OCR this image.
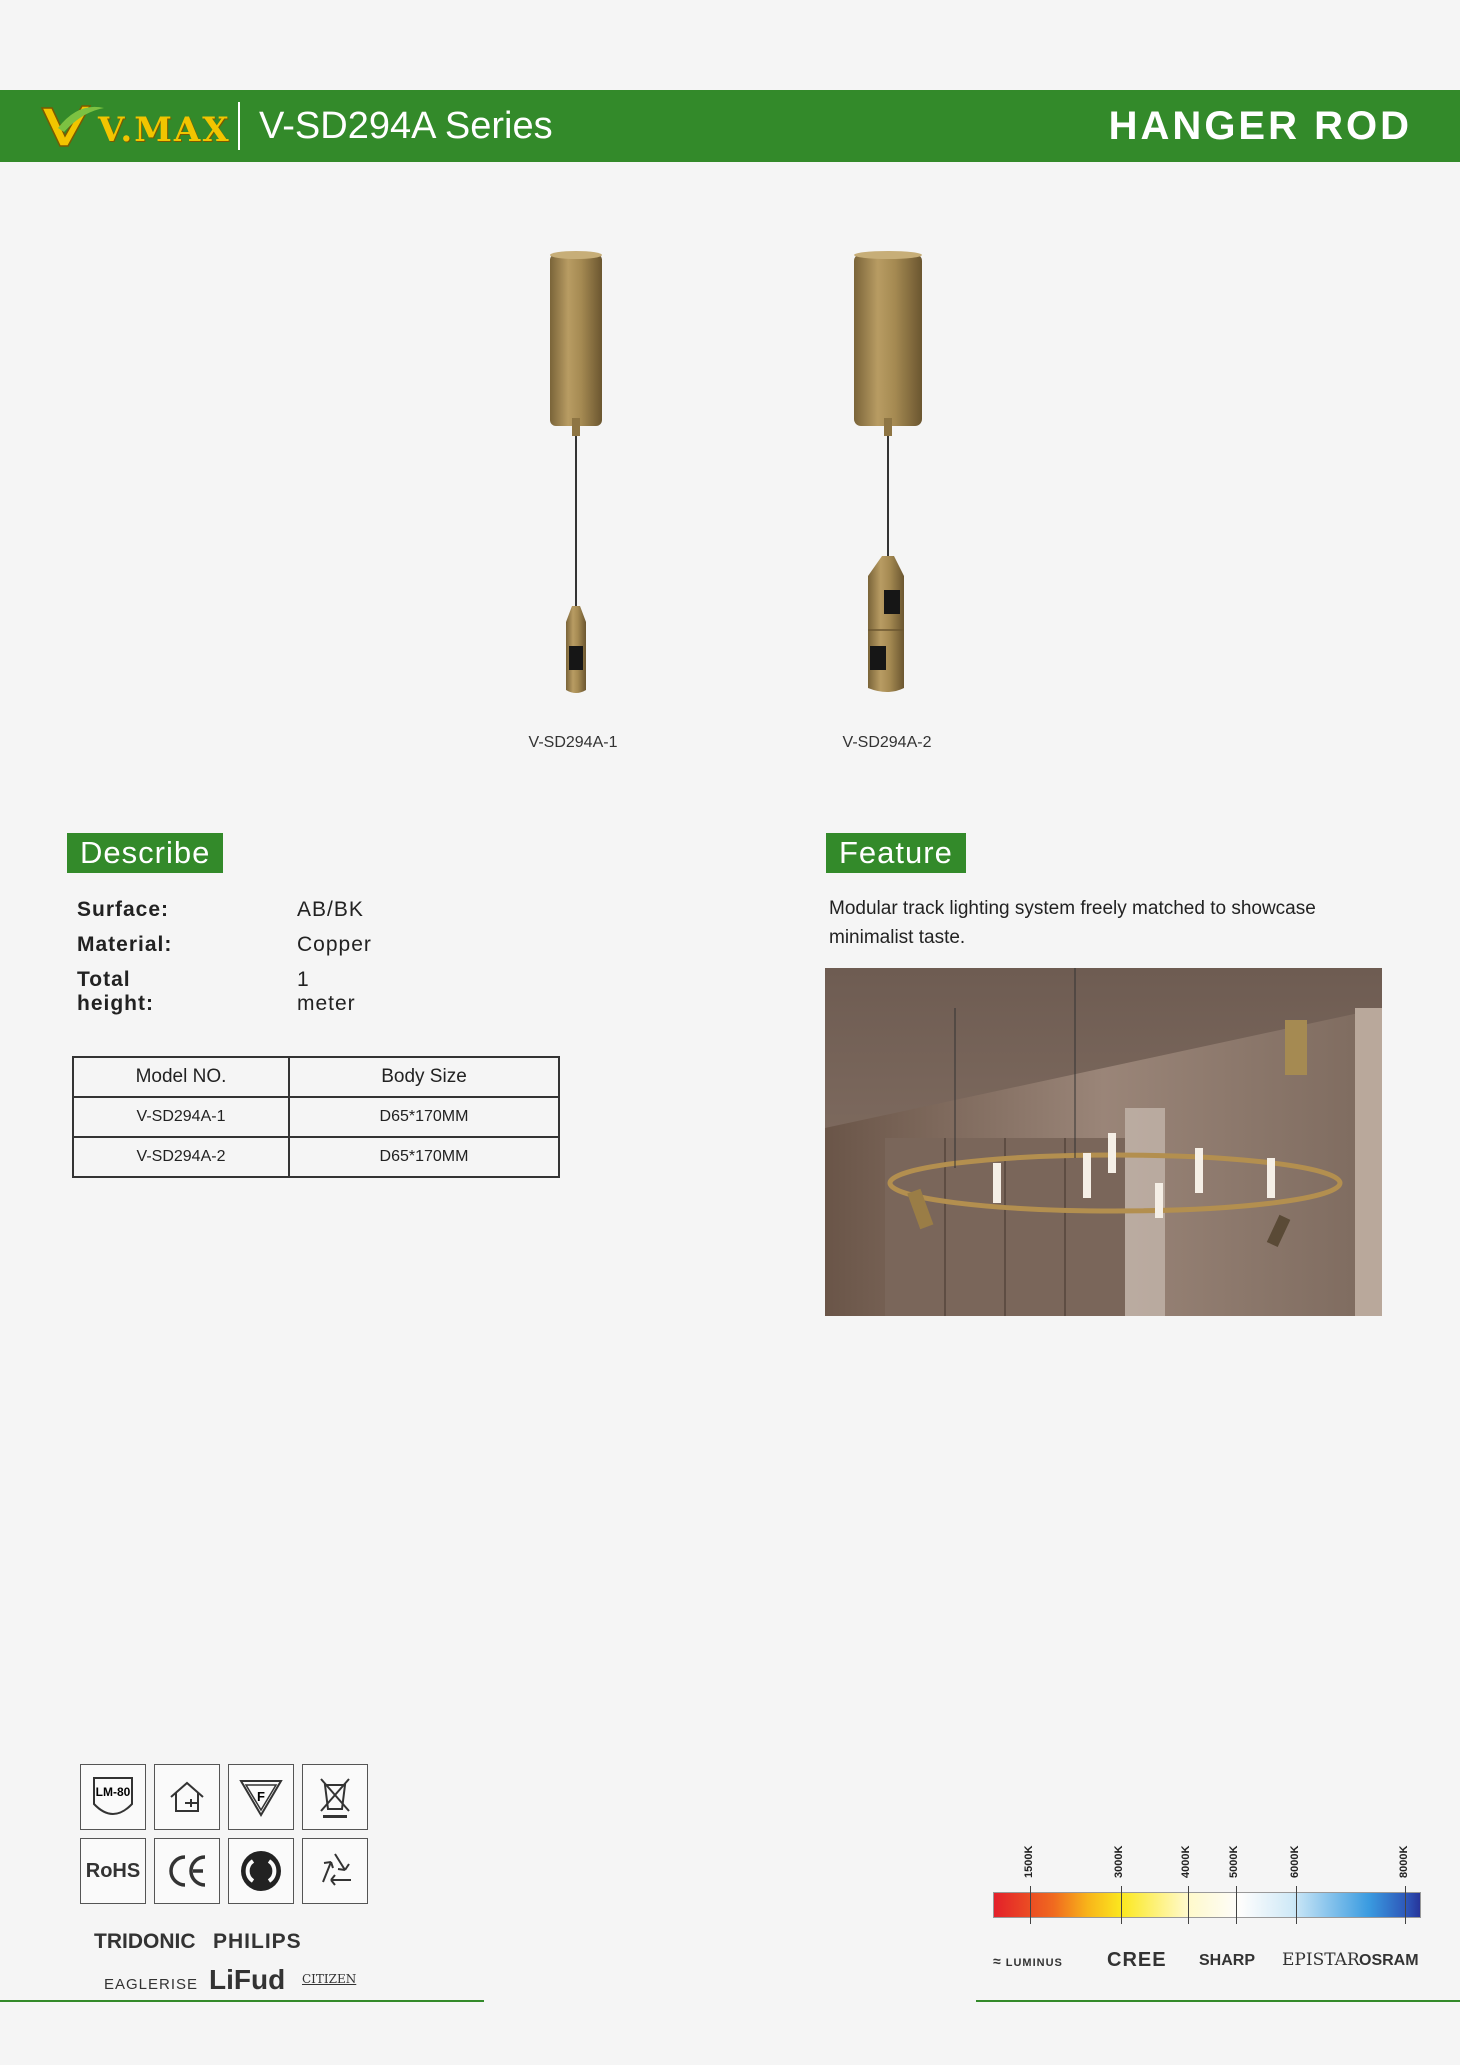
V.MAX V-SD294A Series	HANGER ROD
V-SD294A-1	V-SD294A-2
Describe
Surface:	AB/BK
Material:	Copper
Total height:
1 meter
Model NO.	Body Size
V-SD294A-1	D65*170MM
V-SD294A-2	D65*170MM
Feature
Modular track lighting system freely matched to showcase minimalist taste.
LM-80	F
RoHS
TRIDONIC PHILIPS
EAGLERISE LiFud CITIZEN
1500K	3000K	4000K	5000K	6000K	8000K
≈ LUMINUS CREE SHARP EPISTAR OSRAM
